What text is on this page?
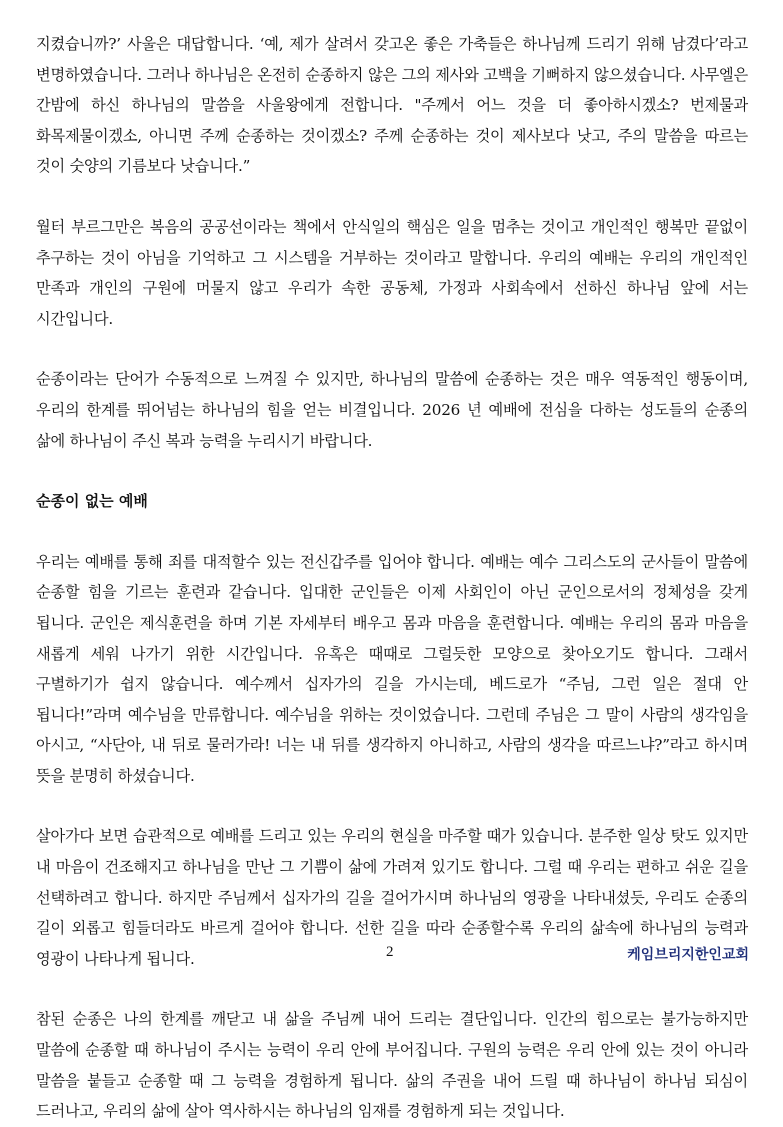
지켰습니까?’ 사울은 대답합니다. ‘예, 제가 살려서 갖고온 좋은 가축들은 하나님께 드리기 위해 남겼다’라고 변명하였습니다. 그러나 하나님은 온전히 순종하지 않은 그의 제사와 고백을 기뻐하지 않으셨습니다. 사무엘은 간밤에 하신 하나님의 말씀을 사울왕에게 전합니다. "주께서 어느 것을 더 좋아하시겠소? 번제물과 화목제물이겠소, 아니면 주께 순종하는 것이겠소? 주께 순종하는 것이 제사보다 낫고, 주의 말씀을 따르는 것이 숫양의 기름보다 낫습니다.”

월터 부르그만은 복음의 공공선이라는 책에서 안식일의 핵심은 일을 멈추는 것이고 개인적인 행복만 끝없이 추구하는 것이 아님을 기억하고 그 시스템을 거부하는 것이라고 말합니다. 우리의 예배는 우리의 개인적인 만족과 개인의 구원에 머물지 않고 우리가 속한 공동체, 가정과 사회속에서 선하신 하나님 앞에 서는 시간입니다.

순종이라는 단어가 수동적으로 느껴질 수 있지만, 하나님의 말씀에 순종하는 것은 매우 역동적인 행동이며, 우리의 한계를 뛰어넘는 하나님의 힘을 얻는 비결입니다. 2026 년 예배에 전심을 다하는 성도들의 순종의 삶에 하나님이 주신 복과 능력을 누리시기 바랍니다.

순종이 없는 예배

우리는 예배를 통해 죄를 대적할수 있는 전신갑주를 입어야 합니다. 예배는 예수 그리스도의 군사들이 말씀에 순종할 힘을 기르는 훈련과 같습니다. 입대한 군인들은 이제 사회인이 아닌 군인으로서의 정체성을 갖게 됩니다. 군인은 제식훈련을 하며 기본 자세부터 배우고 몸과 마음을 훈련합니다. 예배는 우리의 몸과 마음을 새롭게 세워 나가기 위한 시간입니다. 유혹은 때때로 그럴듯한 모양으로 찾아오기도 합니다. 그래서 구별하기가 쉽지 않습니다. 예수께서 십자가의 길을 가시는데, 베드로가 “주님, 그런 일은 절대 안 됩니다!”라며 예수님을 만류합니다. 예수님을 위하는 것이었습니다. 그런데 주님은 그 말이 사람의 생각임을 아시고, “사단아, 내 뒤로 물러가라! 너는 내 뒤를 생각하지 아니하고, 사람의 생각을 따르느냐?”라고 하시며 뜻을 분명히 하셨습니다.

살아가다 보면 습관적으로 예배를 드리고 있는 우리의 현실을 마주할 때가 있습니다. 분주한 일상 탓도 있지만 내 마음이 건조해지고 하나님을 만난 그 기쁨이 삶에 가려져 있기도 합니다. 그럴 때 우리는 편하고 쉬운 길을 선택하려고 합니다. 하지만 주님께서 십자가의 길을 걸어가시며 하나님의 영광을 나타내셨듯, 우리도 순종의 길이 외롭고 힘들더라도 바르게 걸어야 합니다. 선한 길을 따라 순종할수록 우리의 삶속에 하나님의 능력과 영광이 나타나게 됩니다.

참된 순종은 나의 한계를 깨닫고 내 삶을 주님께 내어 드리는 결단입니다. 인간의 힘으로는 불가능하지만 말씀에 순종할 때 하나님이 주시는 능력이 우리 안에 부어집니다. 구원의 능력은 우리 안에 있는 것이 아니라 말씀을 붙들고 순종할 때 그 능력을 경험하게 됩니다. 삶의 주권을 내어 드릴 때 하나님이 하나님 되심이 드러나고, 우리의 삶에 살아 역사하시는 하나님의 임재를 경험하게 되는 것입니다.

2	케임브리지한인교회
